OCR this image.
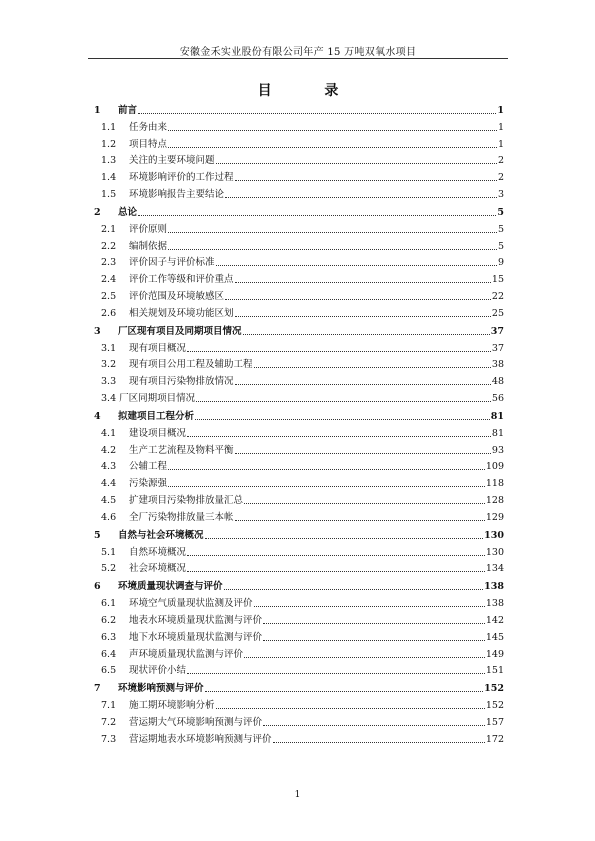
安徽金禾实业股份有限公司年产 15 万吨双氧水项目
目 录
1	前言	1
1.1	任务由来	1
1.2	项目特点	1
1.3	关注的主要环境问题	2
1.4	环境影响评价的工作过程	2
1.5	环境影响报告主要结论	3
2	总论	5
2.1	评价原则	5
2.2	编制依据	5
2.3	评价因子与评价标准	9
2.4	评价工作等级和评价重点	15
2.5	评价范围及环境敏感区	22
2.6	相关规划及环境功能区划	25
3	厂区现有项目及同期项目情况	37
3.1	现有项目概况	37
3.2	现有项目公用工程及辅助工程	38
3.3	现有项目污染物排放情况	48
3.4 厂区同期项目情况	56
4	拟建项目工程分析	81
4.1	建设项目概况	81
4.2	生产工艺流程及物料平衡	93
4.3	公辅工程	109
4.4	污染源强	118
4.5	扩建项目污染物排放量汇总	128
4.6	全厂污染物排放量三本帐	129
5	自然与社会环境概况	130
5.1	自然环境概况	130
5.2	社会环境概况	134
6	环境质量现状调查与评价	138
6.1	环境空气质量现状监测及评价	138
6.2	地表水环境质量现状监测与评价	142
6.3	地下水环境质量现状监测与评价	145
6.4	声环境质量现状监测与评价	149
6.5	现状评价小结	151
7	环境影响预测与评价	152
7.1	施工期环境影响分析	152
7.2	营运期大气环境影响预测与评价	157
7.3	营运期地表水环境影响预测与评价	172
1
